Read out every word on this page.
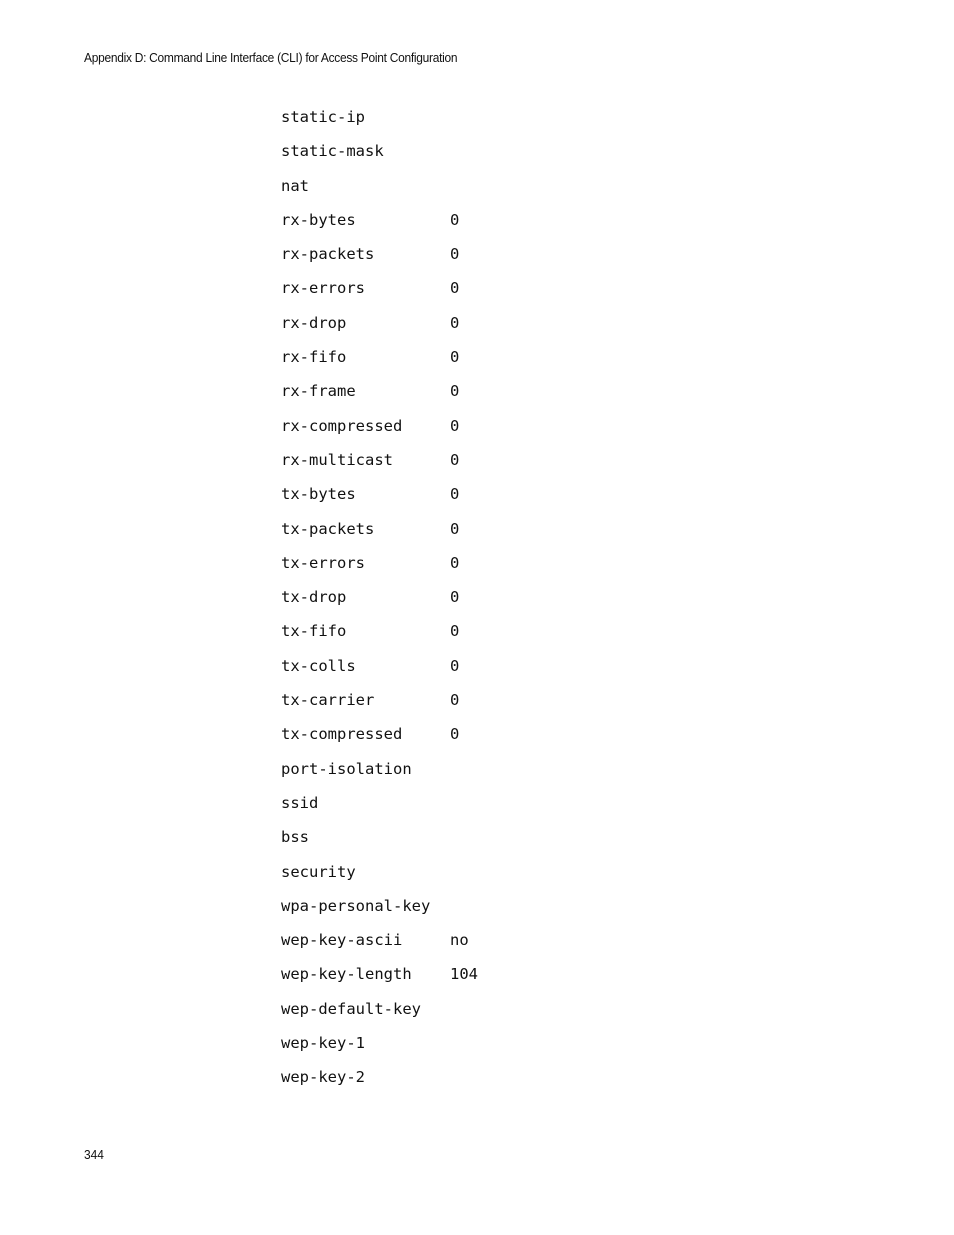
Appendix D: Command Line Interface (CLI) for Access Point Configuration
static-ip
static-mask
nat
rx-bytes	0
rx-packets	0
rx-errors	0
rx-drop	0
rx-fifo	0
rx-frame	0
rx-compressed	0
rx-multicast	0
tx-bytes	0
tx-packets	0
tx-errors	0
tx-drop	0
tx-fifo	0
tx-colls	0
tx-carrier	0
tx-compressed	0
port-isolation
ssid
bss
security
wpa-personal-key
wep-key-ascii	no
wep-key-length 104
wep-default-key
wep-key-1
wep-key-2
344
